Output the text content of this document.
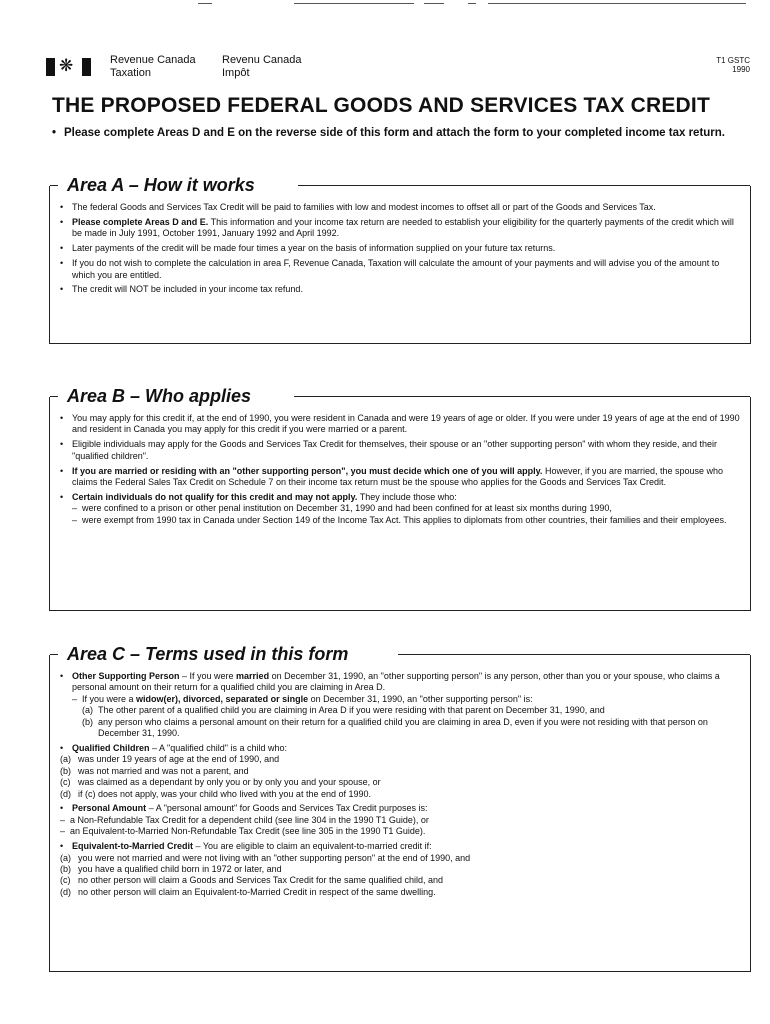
❋	Revenue Canada
Taxation
Revenu Canada
Impôt
T1 GSTC
1990
THE PROPOSED FEDERAL GOODS AND SERVICES TAX CREDIT
• Please complete Areas D and E on the reverse side of this form and attach the form to your completed income tax return.
Area A – How it works
• The federal Goods and Services Tax Credit will be paid to families with low and modest incomes to offset all or part of the Goods and Services Tax.
• Please complete Areas D and E. This information and your income tax return are needed to establish your eligibility for the quarterly payments of the credit which will be made in July 1991, October 1991, January 1992 and April 1992.
• Later payments of the credit will be made four times a year on the basis of information supplied on your future tax returns.
• If you do not wish to complete the calculation in area F, Revenue Canada, Taxation will calculate the amount of your payments and will advise you of the amount to which you are entitled.
• The credit will NOT be included in your income tax refund.
Area B – Who applies
• You may apply for this credit if, at the end of 1990, you were resident in Canada and were 19 years of age or older. If you were under 19 years of age at the end of 1990 and resident in Canada you may apply for this credit if you were married or a parent.
• Eligible individuals may apply for the Goods and Services Tax Credit for themselves, their spouse or an "other supporting person" with whom they reside, and their "qualified children".
• If you are married or residing with an "other supporting person", you must decide which one of you will apply. However, if you are married, the spouse who claims the Federal Sales Tax Credit on Schedule 7 on their income tax return must be the spouse who applies for the Goods and Services Tax Credit.
• Certain individuals do not qualify for this credit and may not apply. They include those who:
– were confined to a prison or other penal institution on December 31, 1990 and had been confined for at least six months during 1990,
– were exempt from 1990 tax in Canada under Section 149 of the Income Tax Act. This applies to diplomats from other countries, their families and their employees.
Area C – Terms used in this form
• Other Supporting Person – If you were married on December 31, 1990, an "other supporting person" is any person, other than you or your spouse, who claims a personal amount on their return for a qualified child you are claiming in Area D.
– If you were a widow(er), divorced, separated or single on December 31, 1990, an "other supporting person" is:
(a) The other parent of a qualified child you are claiming in Area D if you were residing with that parent on December 31, 1990, and
(b) any person who claims a personal amount on their return for a qualified child you are claiming in area D, even if you were not residing with that person on December 31, 1990.
• Qualified Children – A "qualified child" is a child who:
(a) was under 19 years of age at the end of 1990, and
(b) was not married and was not a parent, and
(c) was claimed as a dependant by only you or by only you and your spouse, or
(d) if (c) does not apply, was your child who lived with you at the end of 1990.
• Personal Amount – A "personal amount" for Goods and Services Tax Credit purposes is:
– a Non-Refundable Tax Credit for a dependent child (see line 304 in the 1990 T1 Guide), or
– an Equivalent-to-Married Non-Refundable Tax Credit (see line 305 in the 1990 T1 Guide).
• Equivalent-to-Married Credit – You are eligible to claim an equivalent-to-married credit if:
(a) you were not married and were not living with an "other supporting person" at the end of 1990, and
(b) you have a qualified child born in 1972 or later, and
(c) no other person will claim a Goods and Services Tax Credit for the same qualified child, and
(d) no other person will claim an Equivalent-to-Married Credit in respect of the same dwelling.
